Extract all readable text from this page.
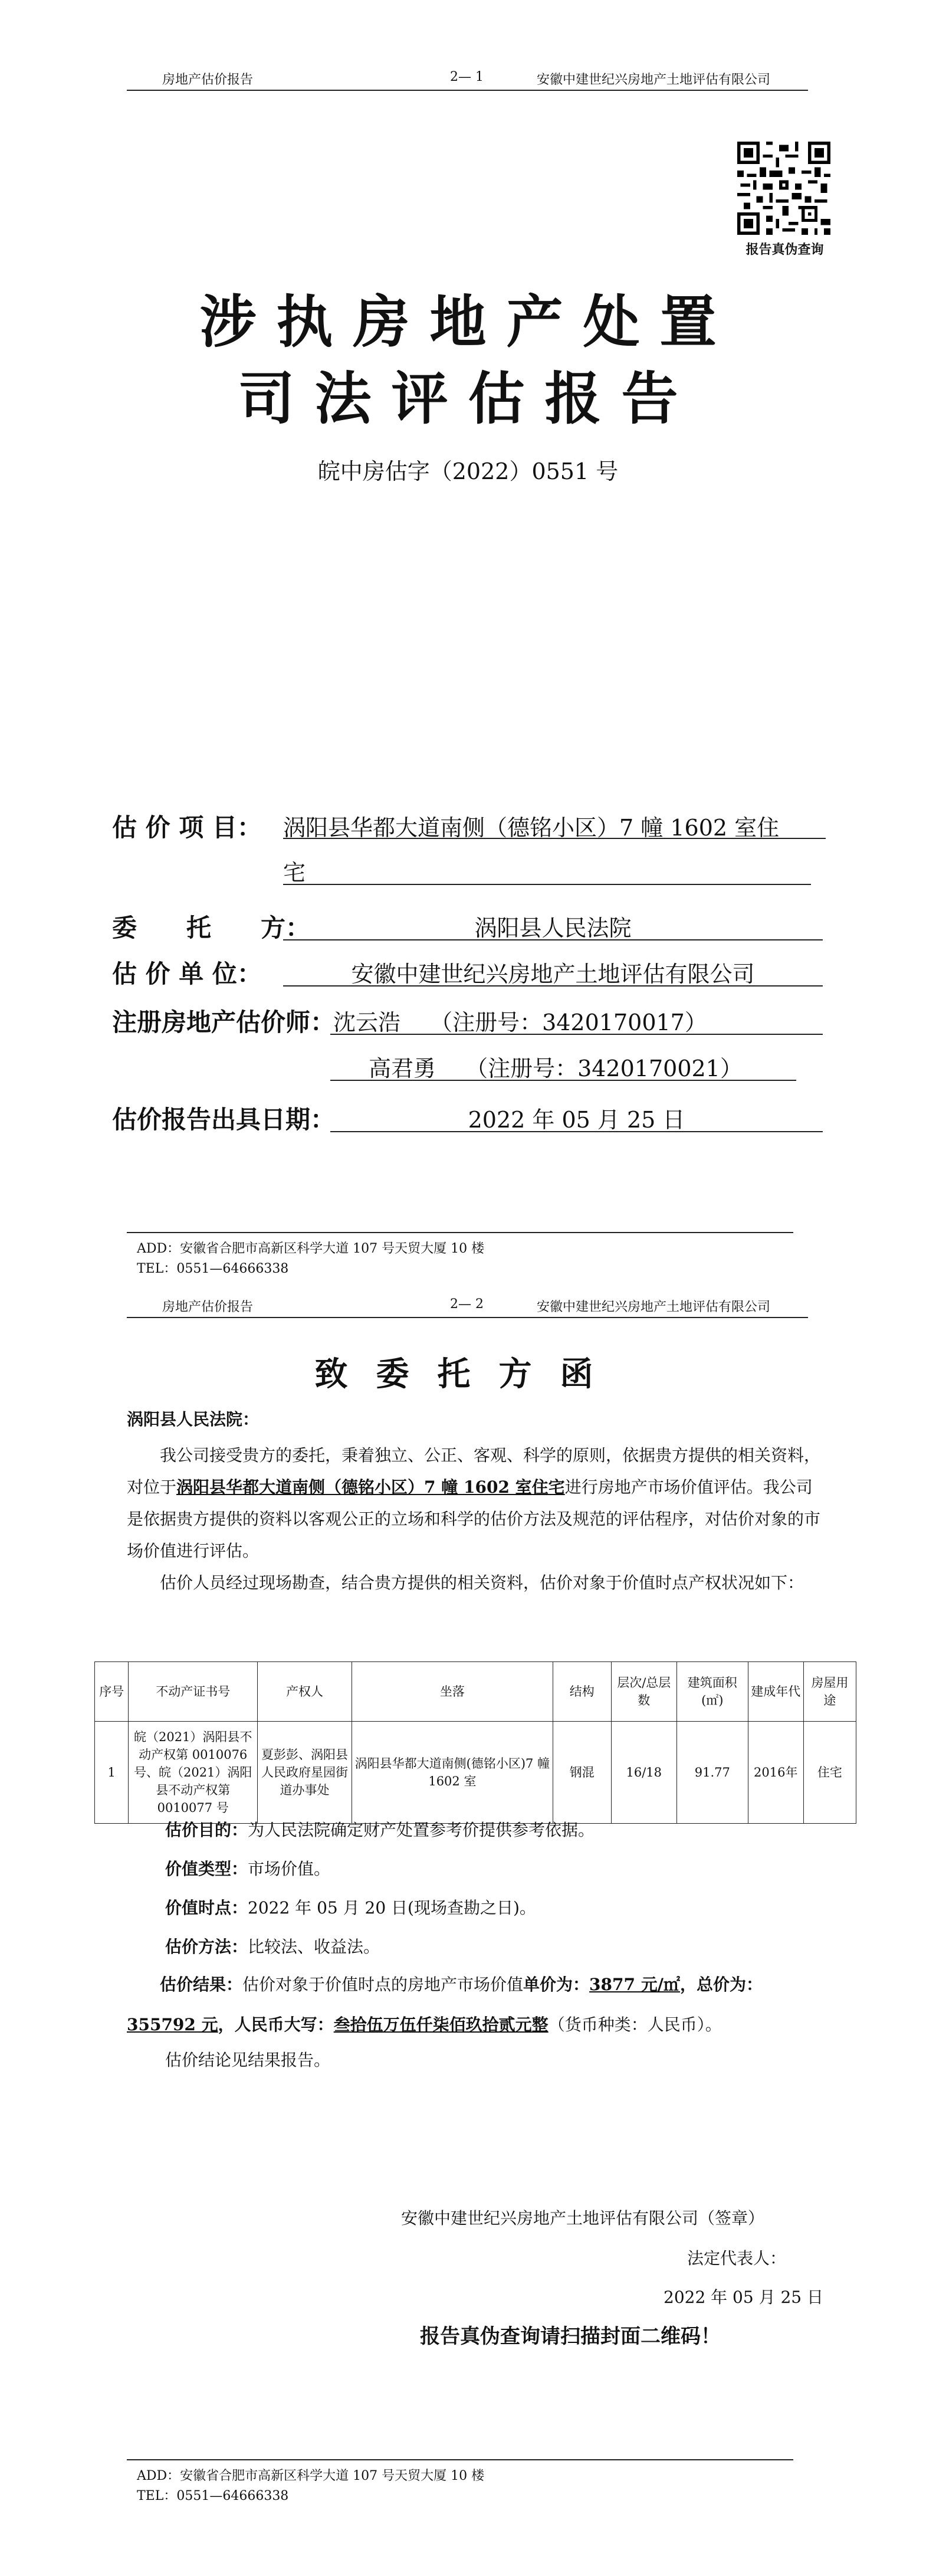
房地产估价报告	2— 1	安徽中建世纪兴房地产土地评估有限公司
报告真伪查询
涉执房地产处置
司法评估报告
皖中房估字（2022）0551 号
估 价 项 目： 涡阳县华都大道南侧（德铭小区）7 幢 1602 室住
宅
委　　托　　方：	涡阳县人民法院
估 价 单 位：	安徽中建世纪兴房地产土地评估有限公司
注册房地产估价师：
沈云浩　 （注册号：3420170017）
高君勇　 （注册号：3420170021）
估价报告出具日期：	2022 年 05 月 25 日
ADD：安徽省合肥市高新区科学大道 107 号天贸大厦 10 楼
TEL：0551—64666338
房地产估价报告	2— 2	安徽中建世纪兴房地产土地评估有限公司
致委托方函
涡阳县人民法院：

我公司接受贵方的委托，秉着独立、公正、客观、科学的原则，依据贵方提供的相关资料，对位于涡阳县华都大道南侧（德铭小区）7 幢 1602 室住宅进行房地产市场价值评估。我公司是依据贵方提供的资料以客观公正的立场和科学的估价方法及规范的评估程序，对估价对象的市场价值进行评估。

估价人员经过现场勘查，结合贵方提供的相关资料，估价对象于价值时点产权状况如下：

序号	不动产证书号	产权人	坐落	结构	层次/总层数	建筑面积(㎡)	建成年代	房屋用途
1	皖（2021）涡阳县不动产权第 0010076 号、皖（2021）涡阳县不动产权第 0010077 号	夏彭彭、涡阳县人民政府星园街道办事处	涡阳县华都大道南侧(德铭小区)7 幢 1602 室	钢混	16/18	91.77	2016年	住宅
估价目的：为人民法院确定财产处置参考价提供参考依据。
价值类型：市场价值。
价值时点：2022 年 05 月 20 日(现场查勘之日)。
估价方法：比较法、收益法。

估价结果：估价对象于价值时点的房地产市场价值单价为：3877 元/㎡，总价为：355792 元，人民币大写：叁拾伍万伍仟柒佰玖拾贰元整（货币种类：人民币）。

估价结论见结果报告。
安徽中建世纪兴房地产土地评估有限公司（签章）
法定代表人：
2022 年 05 月 25 日
报告真伪查询请扫描封面二维码！
ADD：安徽省合肥市高新区科学大道 107 号天贸大厦 10 楼
TEL：0551—64666338
